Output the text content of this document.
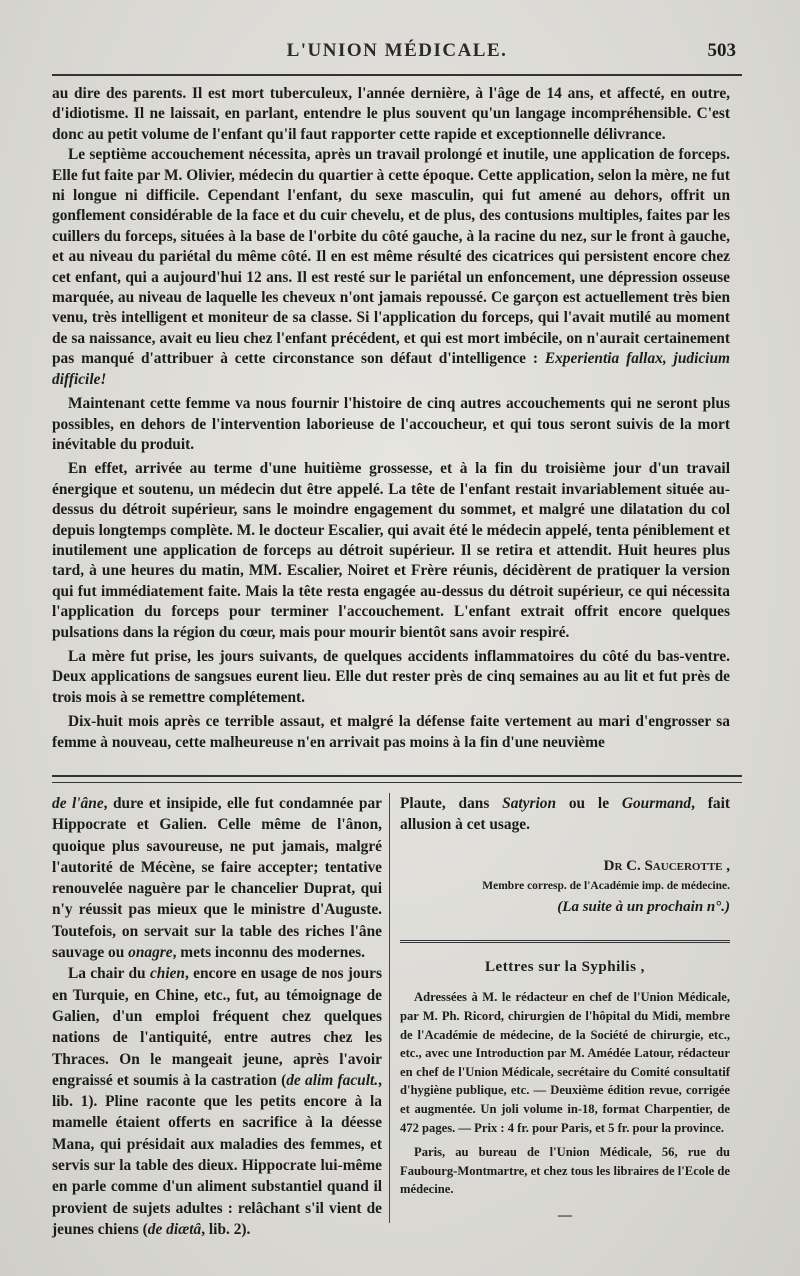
L'UNION MÉDICALE.	503

au dire des parents. Il est mort tuberculeux, l'année dernière, à l'âge de 14 ans, et affecté, en outre, d'idiotisme. Il ne laissait, en parlant, entendre le plus souvent qu'un langage incompréhensible. C'est donc au petit volume de l'enfant qu'il faut rapporter cette rapide et exceptionnelle délivrance.

Le septième accouchement nécessita, après un travail prolongé et inutile, une application de forceps. Elle fut faite par M. Olivier, médecin du quartier à cette époque. Cette application, selon la mère, ne fut ni longue ni difficile. Cependant l'enfant, du sexe masculin, qui fut amené au dehors, offrit un gonflement considérable de la face et du cuir chevelu, et de plus, des contusions multiples, faites par les cuillers du forceps, situées à la base de l'orbite du côté gauche, à la racine du nez, sur le front à gauche, et au niveau du pariétal du même côté. Il en est même résulté des cicatrices qui persistent encore chez cet enfant, qui a aujourd'hui 12 ans. Il est resté sur le pariétal un enfoncement, une dépression osseuse marquée, au niveau de laquelle les cheveux n'ont jamais repoussé. Ce garçon est actuellement très bien venu, très intelligent et moniteur de sa classe. Si l'application du forceps, qui l'avait mutilé au moment de sa naissance, avait eu lieu chez l'enfant précédent, et qui est mort imbécile, on n'aurait certainement pas manqué d'attribuer à cette circonstance son défaut d'intelligence : Experientia fallax, judicium difficile!

Maintenant cette femme va nous fournir l'histoire de cinq autres accouchements qui ne seront plus possibles, en dehors de l'intervention laborieuse de l'accoucheur, et qui tous seront suivis de la mort inévitable du produit.

En effet, arrivée au terme d'une huitième grossesse, et à la fin du troisième jour d'un travail énergique et soutenu, un médecin dut être appelé. La tête de l'enfant restait invariablement située au-dessus du détroit supérieur, sans le moindre engagement du sommet, et malgré une dilatation du col depuis longtemps complète. M. le docteur Escalier, qui avait été le médecin appelé, tenta péniblement et inutilement une application de forceps au détroit supérieur. Il se retira et attendit. Huit heures plus tard, à une heures du matin, MM. Escalier, Noiret et Frère réunis, décidèrent de pratiquer la version qui fut immédiatement faite. Mais la tête resta engagée au-dessus du détroit supérieur, ce qui nécessita l'application du forceps pour terminer l'accouchement. L'enfant extrait offrit encore quelques pulsations dans la région du cœur, mais pour mourir bientôt sans avoir respiré.

La mère fut prise, les jours suivants, de quelques accidents inflammatoires du côté du bas-ventre. Deux applications de sangsues eurent lieu. Elle dut rester près de cinq semaines au au lit et fut près de trois mois à se remettre complétement.

Dix-huit mois après ce terrible assaut, et malgré la défense faite vertement au mari d'engrosser sa femme à nouveau, cette malheureuse n'en arrivait pas moins à la fin d'une neuvième

de l'âne, dure et insipide, elle fut condamnée par Hippocrate et Galien. Celle même de l'ânon, quoique plus savoureuse, ne put jamais, malgré l'autorité de Mécène, se faire accepter; tentative renouvelée naguère par le chancelier Duprat, qui n'y réussit pas mieux que le ministre d'Auguste. Toutefois, on servait sur la table des riches l'âne sauvage ou onagre, mets inconnu des modernes.

La chair du chien, encore en usage de nos jours en Turquie, en Chine, etc., fut, au témoignage de Galien, d'un emploi fréquent chez quelques nations de l'antiquité, entre autres chez les Thraces. On le mangeait jeune, après l'avoir engraissé et soumis à la castration (de alim facult., lib. 1). Pline raconte que les petits encore à la mamelle étaient offerts en sacrifice à la déesse Mana, qui présidait aux maladies des femmes, et servis sur la table des dieux. Hippocrate lui-même en parle comme d'un aliment substantiel quand il provient de sujets adultes : relâchant s'il vient de jeunes chiens (de diætâ, lib. 2).

Plaute, dans Satyrion ou le Gourmand, fait allusion à cet usage.

Dr C. Saucerotte ,
Membre corresp. de l'Académie imp. de médecine.
(La suite à un prochain n°.)
Lettres sur la Syphilis ,

Adressées à M. le rédacteur en chef de l'Union Médicale, par M. Ph. Ricord, chirurgien de l'hôpital du Midi, membre de l'Académie de médecine, de la Société de chirurgie, etc., etc., avec une Introduction par M. Amédée Latour, rédacteur en chef de l'Union Médicale, secrétaire du Comité consultatif d'hygiène publique, etc. — Deuxième édition revue, corrigée et augmentée. Un joli volume in-18, format Charpentier, de 472 pages. — Prix : 4 fr. pour Paris, et 5 fr. pour la province.

Paris, au bureau de l'Union Médicale, 56, rue du Faubourg-Montmartre, et chez tous les libraires de l'Ecole de médecine.

—
